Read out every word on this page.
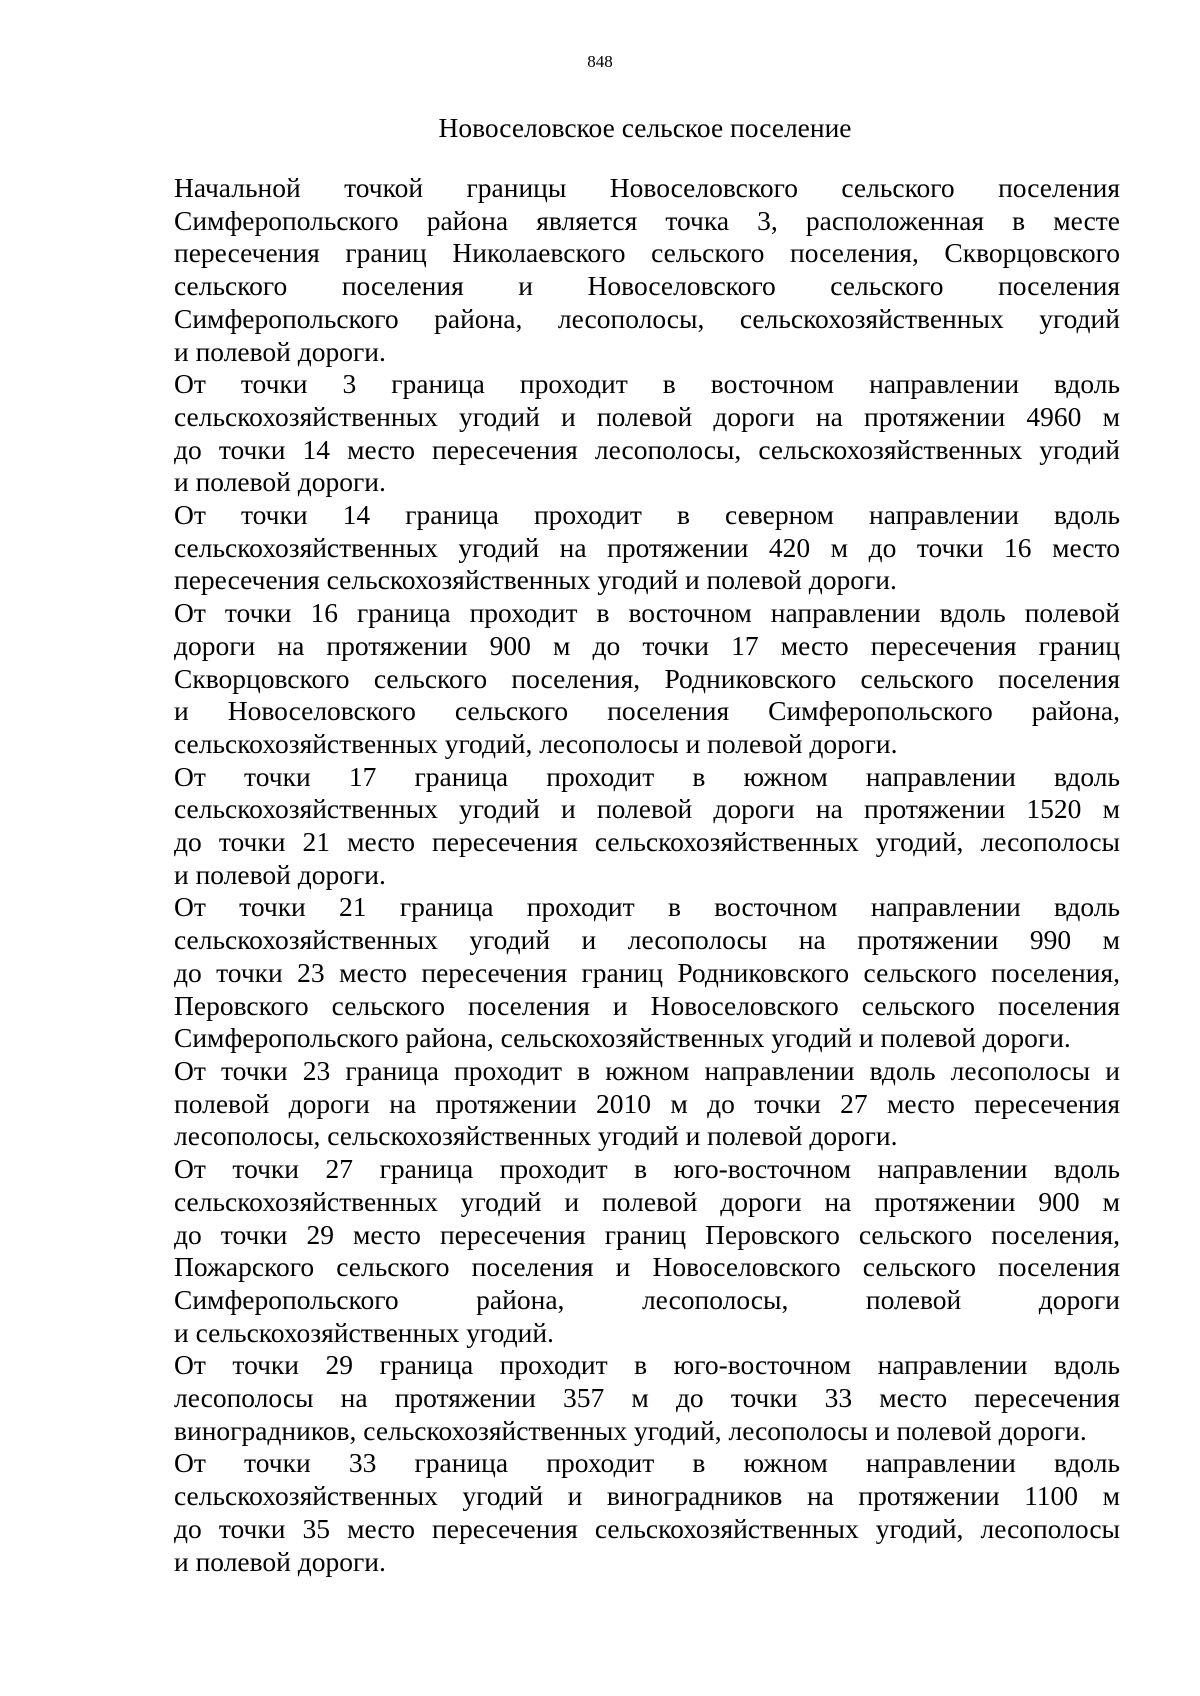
848
Новоселовское сельское поселение
Начальной точкой границы Новоселовского сельского поселения
Симферопольского района является точка 3, расположенная в месте
пересечения границ Николаевского сельского поселения, Скворцовского
сельского поселения и Новоселовского сельского поселения
Симферопольского района, лесополосы, сельскохозяйственных угодий
и полевой дороги.
От точки 3 граница проходит в восточном направлении вдоль
сельскохозяйственных угодий и полевой дороги на протяжении 4960 м
до точки 14 место пересечения лесополосы, сельскохозяйственных угодий
и полевой дороги.
От точки 14 граница проходит в северном направлении вдоль
сельскохозяйственных угодий на протяжении 420 м до точки 16 место
пересечения сельскохозяйственных угодий и полевой дороги.
От точки 16 граница проходит в восточном направлении вдоль полевой
дороги на протяжении 900 м до точки 17 место пересечения границ
Скворцовского сельского поселения, Родниковского сельского поселения
и Новоселовского сельского поселения Симферопольского района,
сельскохозяйственных угодий, лесополосы и полевой дороги.
От точки 17 граница проходит в южном направлении вдоль
сельскохозяйственных угодий и полевой дороги на протяжении 1520 м
до точки 21 место пересечения сельскохозяйственных угодий, лесополосы
и полевой дороги.
От точки 21 граница проходит в восточном направлении вдоль
сельскохозяйственных угодий и лесополосы на протяжении 990 м
до точки 23 место пересечения границ Родниковского сельского поселения,
Перовского сельского поселения и Новоселовского сельского поселения
Симферопольского района, сельскохозяйственных угодий и полевой дороги.
От точки 23 граница проходит в южном направлении вдоль лесополосы и
полевой дороги на протяжении 2010 м до точки 27 место пересечения
лесополосы, сельскохозяйственных угодий и полевой дороги.
От точки 27 граница проходит в юго-восточном направлении вдоль
сельскохозяйственных угодий и полевой дороги на протяжении 900 м
до точки 29 место пересечения границ Перовского сельского поселения,
Пожарского сельского поселения и Новоселовского сельского поселения
Симферопольского района, лесополосы, полевой дороги
и сельскохозяйственных угодий.
От точки 29 граница проходит в юго-восточном направлении вдоль
лесополосы на протяжении 357 м до точки 33 место пересечения
виноградников, сельскохозяйственных угодий, лесополосы и полевой дороги.
От точки 33 граница проходит в южном направлении вдоль
сельскохозяйственных угодий и виноградников на протяжении 1100 м
до точки 35 место пересечения сельскохозяйственных угодий, лесополосы
и полевой дороги.
